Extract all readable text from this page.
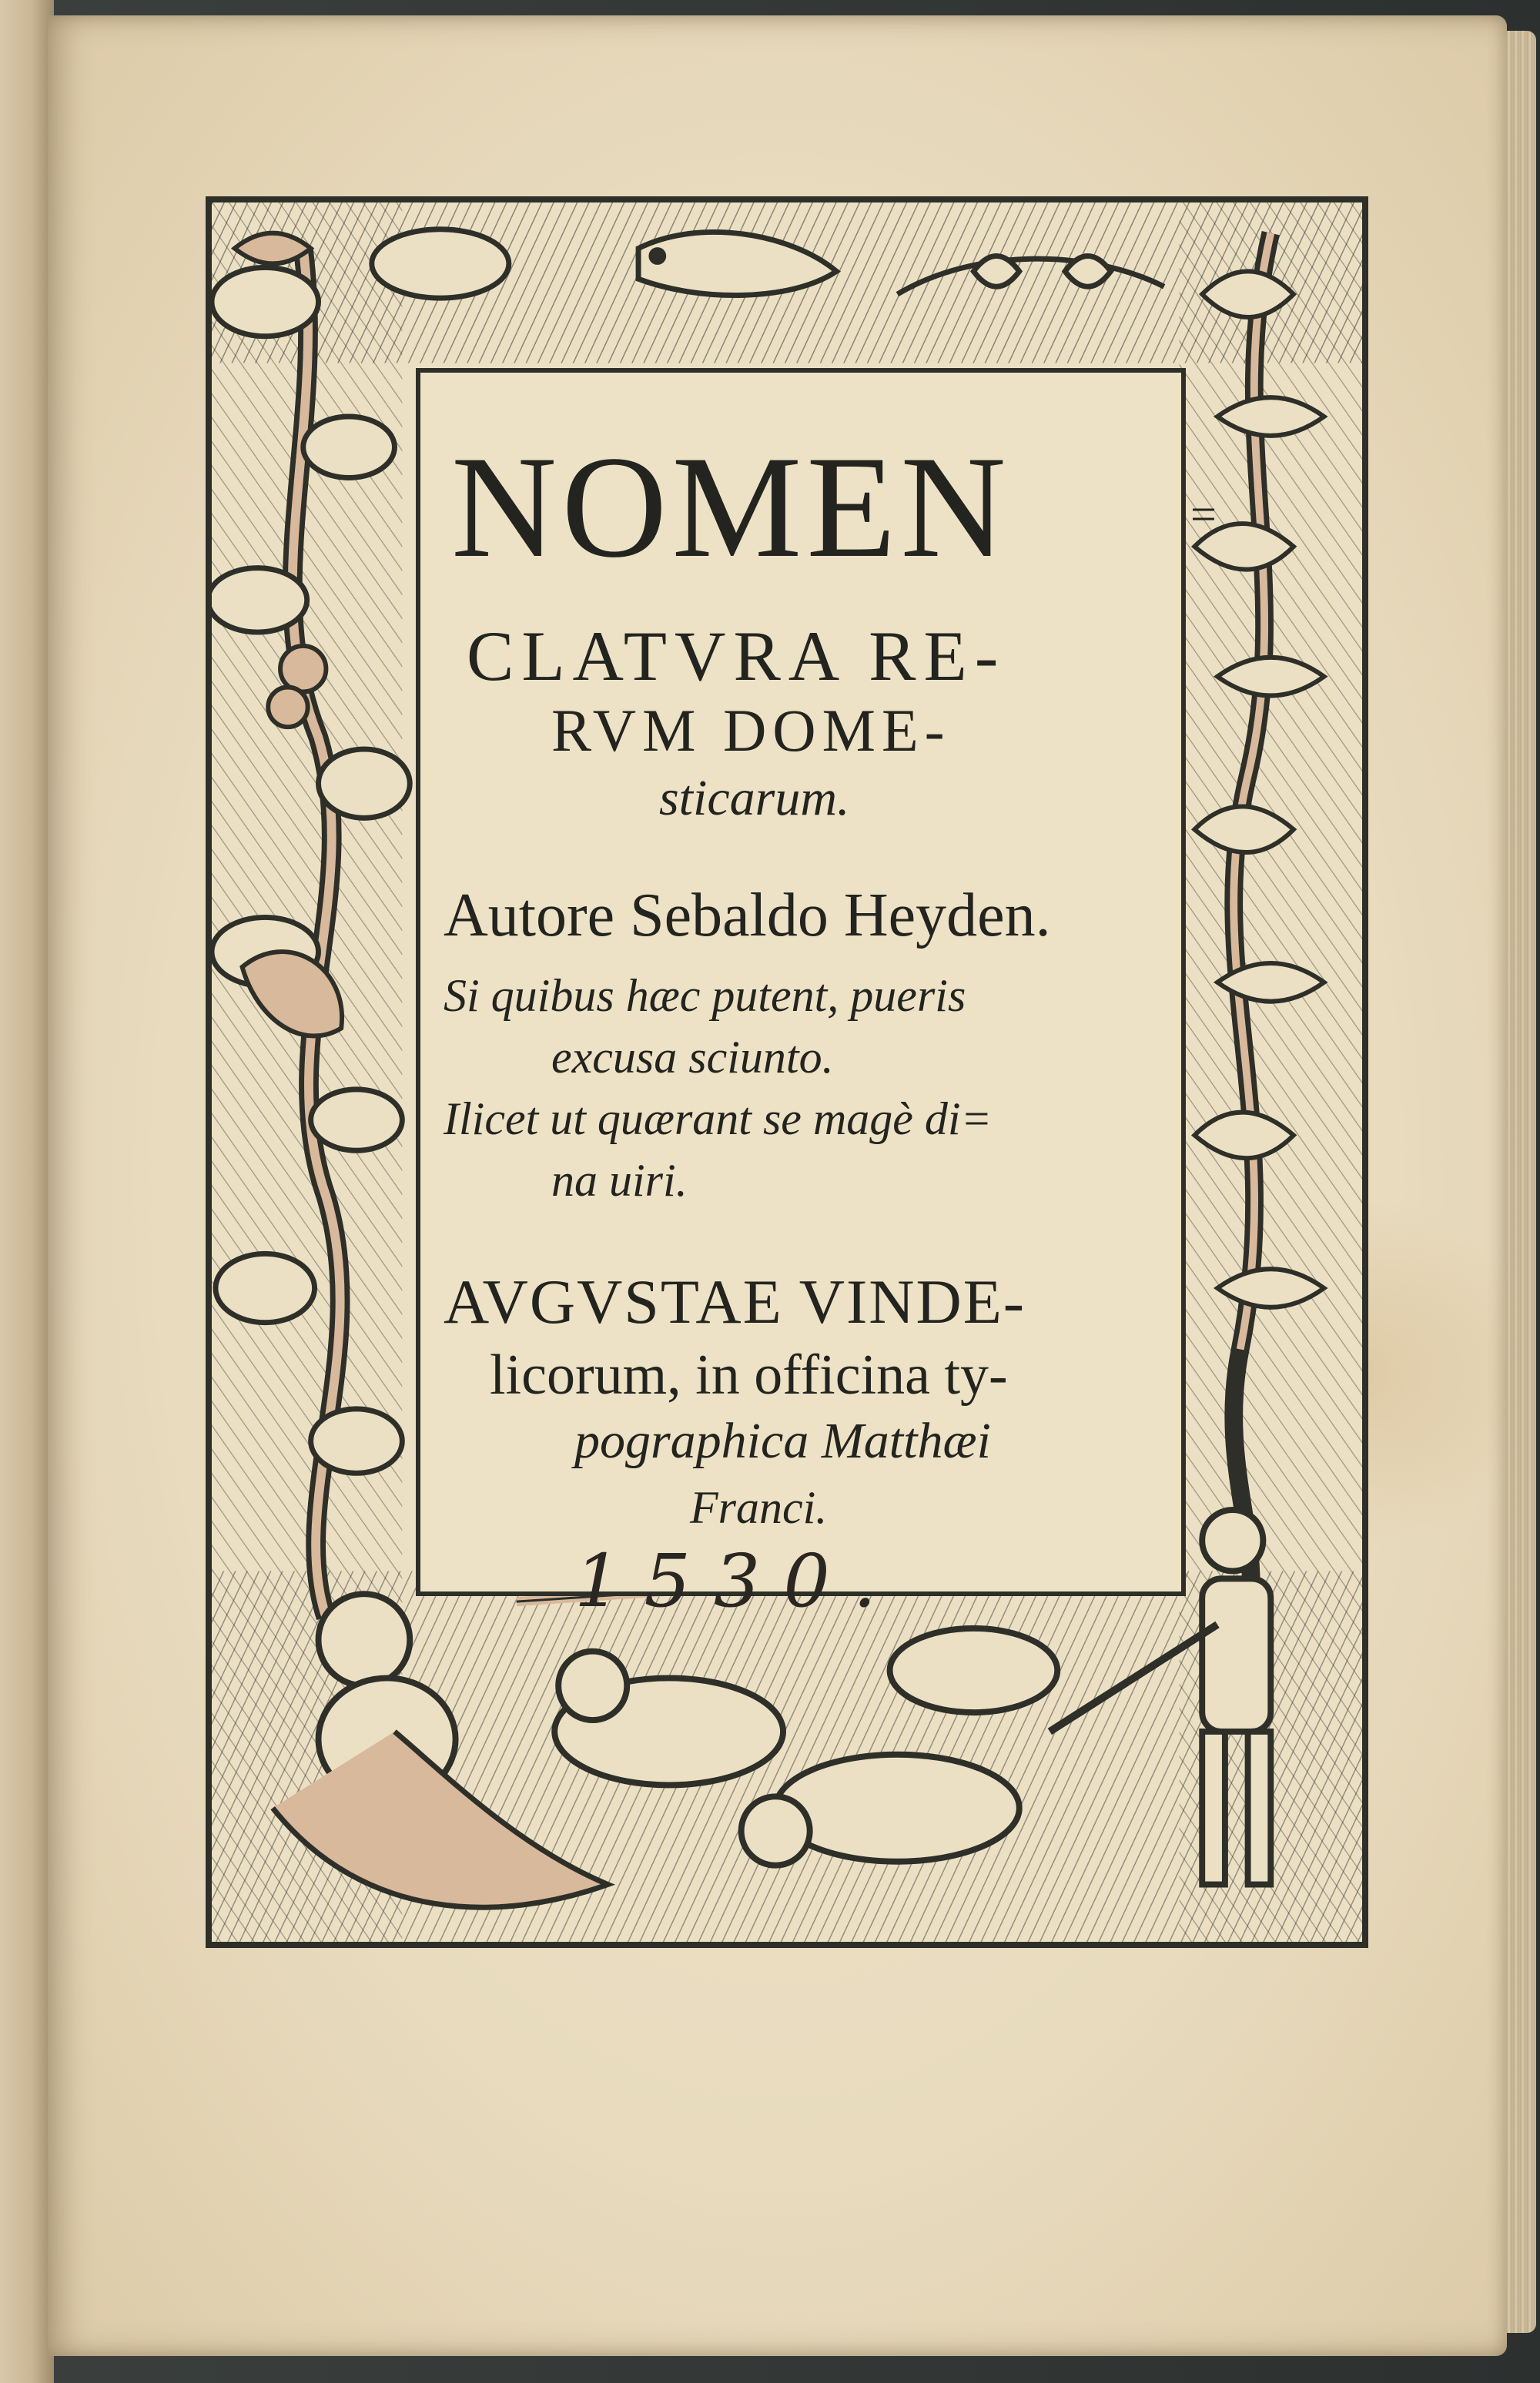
NOMEN	=
CLATVRA RE-
RVM DOME-
sticarum.
Autore Sebaldo Heyden.
Si quibus hæc putent, pueris
excusa sciunto.
Ilicet ut quærant se magè di=
na uiri.
AVGVSTAE VINDE-
licorum, in officina ty-
pographica Matthæi
Franci.
1530.
